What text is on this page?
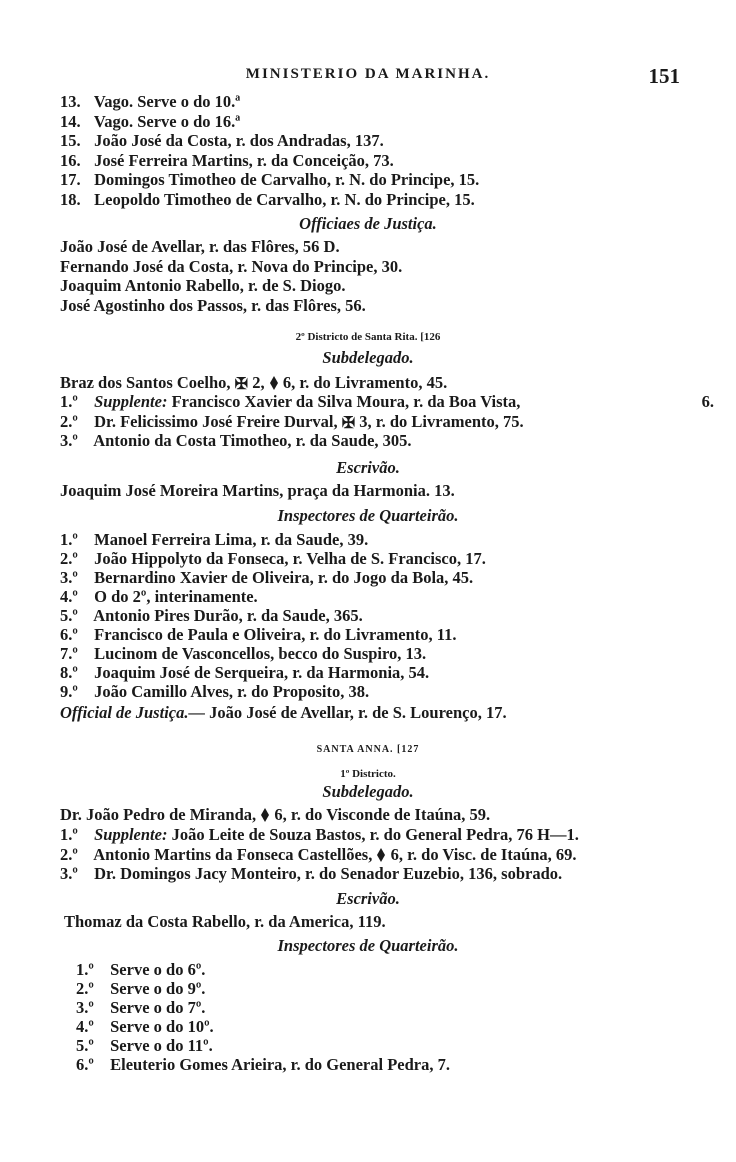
MINISTERIO DA MARINHA.	151
13. Vago. Serve o do 10.ª
14. Vago. Serve o do 16.ª
15. João José da Costa, r. dos Andradas, 137.
16. José Ferreira Martins, r. da Conceição, 73.
17. Domingos Timotheo de Carvalho, r. N. do Principe, 15.
18. Leopoldo Timotheo de Carvalho, r. N. do Principe, 15.
Officiaes de Justiça.
João José de Avellar, r. das Flôres, 56 D.
Fernando José da Costa, r. Nova do Principe, 30.
Joaquim Antonio Rabello, r. de S. Diogo.
José Agostinho dos Passos, r. das Flôres, 56.
2º Districto de Santa Rita. [126
Subdelegado.
Braz dos Santos Coelho, ✠ 2, 6, r. do Livramento, 45.
1.º Supplente: Francisco Xavier da Silva Moura, r. da Boa Vista,	6.
2.º Dr. Felicissimo José Freire Durval, ✠ 3, r. do Livramento, 75.
3.º Antonio da Costa Timotheo, r. da Saude, 305.
Escrivão.
Joaquim José Moreira Martins, praça da Harmonia. 13.
Inspectores de Quarteirão.
1.º Manoel Ferreira Lima, r. da Saude, 39.
2.º João Hippolyto da Fonseca, r. Velha de S. Francisco, 17.
3.º Bernardino Xavier de Oliveira, r. do Jogo da Bola, 45.
4.º O do 2º, interinamente.
5.º Antonio Pires Durão, r. da Saude, 365.
6.º Francisco de Paula e Oliveira, r. do Livramento, 11.
7.º Lucinom de Vasconcellos, becco do Suspiro, 13.
8.º Joaquim José de Serqueira, r. da Harmonia, 54.
9.º João Camillo Alves, r. do Proposito, 38.
Official de Justiça.— João José de Avellar, r. de S. Lourenço, 17.
SANTA ANNA. [127
1º Districto.
Subdelegado.
Dr. João Pedro de Miranda, 6, r. do Visconde de Itaúna, 59.
1.º Supplente: João Leite de Souza Bastos, r. do General Pedra, 76 H—1.
2.º Antonio Martins da Fonseca Castellões, 6, r. do Visc. de Itaúna, 69.
3.º Dr. Domingos Jacy Monteiro, r. do Senador Euzebio, 136, sobrado.
Escrivão.
Thomaz da Costa Rabello, r. da America, 119.
Inspectores de Quarteirão.
1.º Serve o do 6º.
2.º Serve o do 9º.
3.º Serve o do 7º.
4.º Serve o do 10º.
5.º Serve o do 11º.
6.º Eleuterio Gomes Arieira, r. do General Pedra, 7.
